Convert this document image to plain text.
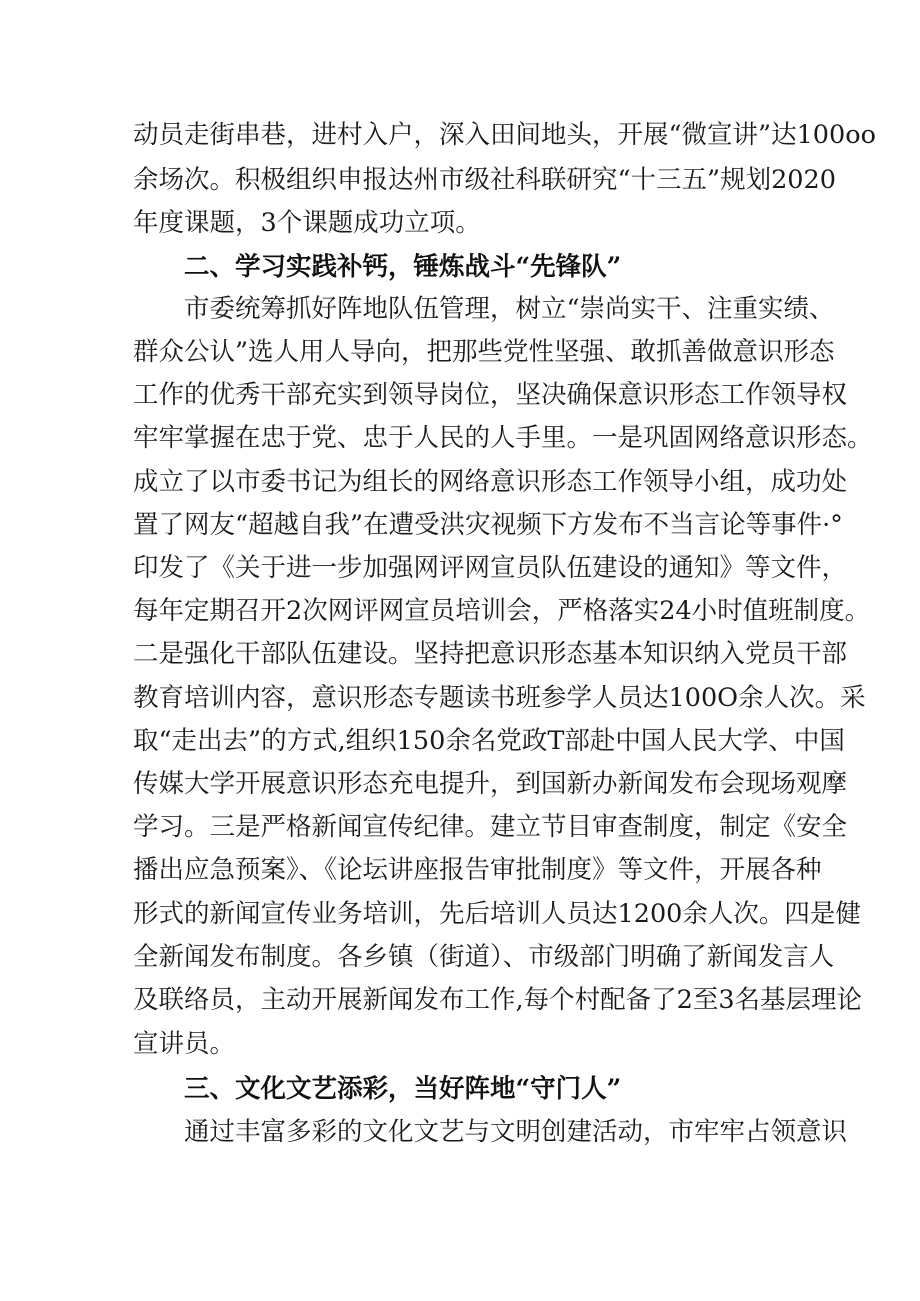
动员走街串巷，进村入户，深入田间地头，开展“微宣讲”达100oo
余场次。积极组织申报达州市级社科联研究“十三五”规划2020
年度课题，3个课题成功立项。
二、学习实践补钙，锤炼战斗“先锋队”
市委统筹抓好阵地队伍管理，树立“崇尚实干、注重实绩、
群众公认”选人用人导向，把那些党性坚强、敢抓善做意识形态
工作的优秀干部充实到领导岗位，坚决确保意识形态工作领导权
牢牢掌握在忠于党、忠于人民的人手里。一是巩固网络意识形态。
成立了以市委书记为组长的网络意识形态工作领导小组，成功处
置了网友“超越自我”在遭受洪灾视频下方发布不当言论等事件·°
印发了《关于进一步加强网评网宣员队伍建设的通知》等文件，
每年定期召开2次网评网宣员培训会，严格落实24小时值班制度。
二是强化干部队伍建设。坚持把意识形态基本知识纳入党员干部
教育培训内容，意识形态专题读书班参学人员达100O余人次。采
取“走出去”的方式,组织150余名党政T部赴中国人民大学、中国
传媒大学开展意识形态充电提升，到国新办新闻发布会现场观摩
学习。三是严格新闻宣传纪律。建立节目审查制度，制定《安全
播出应急预案》、《论坛讲座报告审批制度》等文件，开展各种
形式的新闻宣传业务培训，先后培训人员达1200余人次。四是健
全新闻发布制度。各乡镇（街道）、市级部门明确了新闻发言人
及联络员，主动开展新闻发布工作,每个村配备了2至3名基层理论
宣讲员。
三、文化文艺添彩，当好阵地“守门人”
通过丰富多彩的文化文艺与文明创建活动，市牢牢占领意识
